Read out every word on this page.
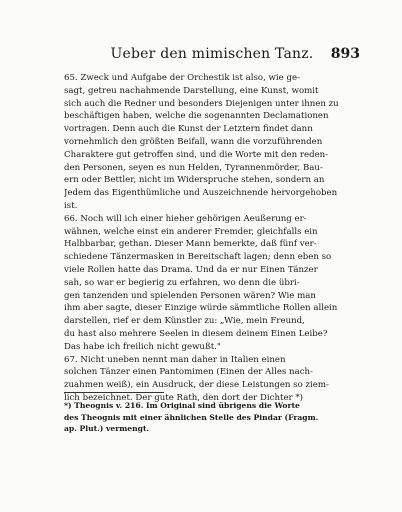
Ueber den mimischen Tanz. 893
65. Zweck und Aufgabe der Orchestik ist also, wie ge-
sagt, getreu nachahmende Darstellung, eine Kunst, womit
sich auch die Redner und besonders Diejenigen unter ihnen zu
beschäftigen haben, welche die sogenannten Declamationen
vortragen. Denn auch die Kunst der Letztern findet dann
vornehmlich den größten Beifall, wann die vorzuführenden
Charaktere gut getroffen sind, und die Worte mit den reden-
den Personen, seyen es nun Helden, Tyrannenmörder, Bau-
ern oder Bettler, nicht im Widerspruche stehen, sondern an
Jedem das Eigenthümliche und Auszeichnende hervorgehoben
ist.
66. Noch will ich einer hieher gehörigen Aeußerung er-
wähnen, welche einst ein anderer Fremder, gleichfalls ein
Halbbarbar, gethan. Dieser Mann bemerkte, daß fünf ver-
schiedene Tänzermasken in Bereitschaft lagen; denn eben so
viele Rollen hatte das Drama. Und da er nur Einen Tänzer
sah, so war er begierig zu erfahren, wo denn die übri-
gen tanzenden und spielenden Personen wären? Wie man
ihm aber sagte, dieser Einzige würde sämmtliche Rollen allein
darstellen, rief er dem Künstler zu: „Wie, mein Freund,
du hast also mehrere Seelen in diesem deinem Einen Leibe?
Das habe ich freilich nicht gewußt."
67. Nicht uneben nennt man daher in Italien einen
solchen Tänzer einen Pantomimen (Einen der Alles nach-
zuahmen weiß), ein Ausdruck, der diese Leistungen so ziem-
lich bezeichnet. Der gute Rath, den dort der Dichter *)
*) Theognis v. 216. Im Original sind übrigens die Worte
des Theognis mit einer ähnlichen Stelle des Pindar (Fragm.
ap. Plut.) vermengt.
